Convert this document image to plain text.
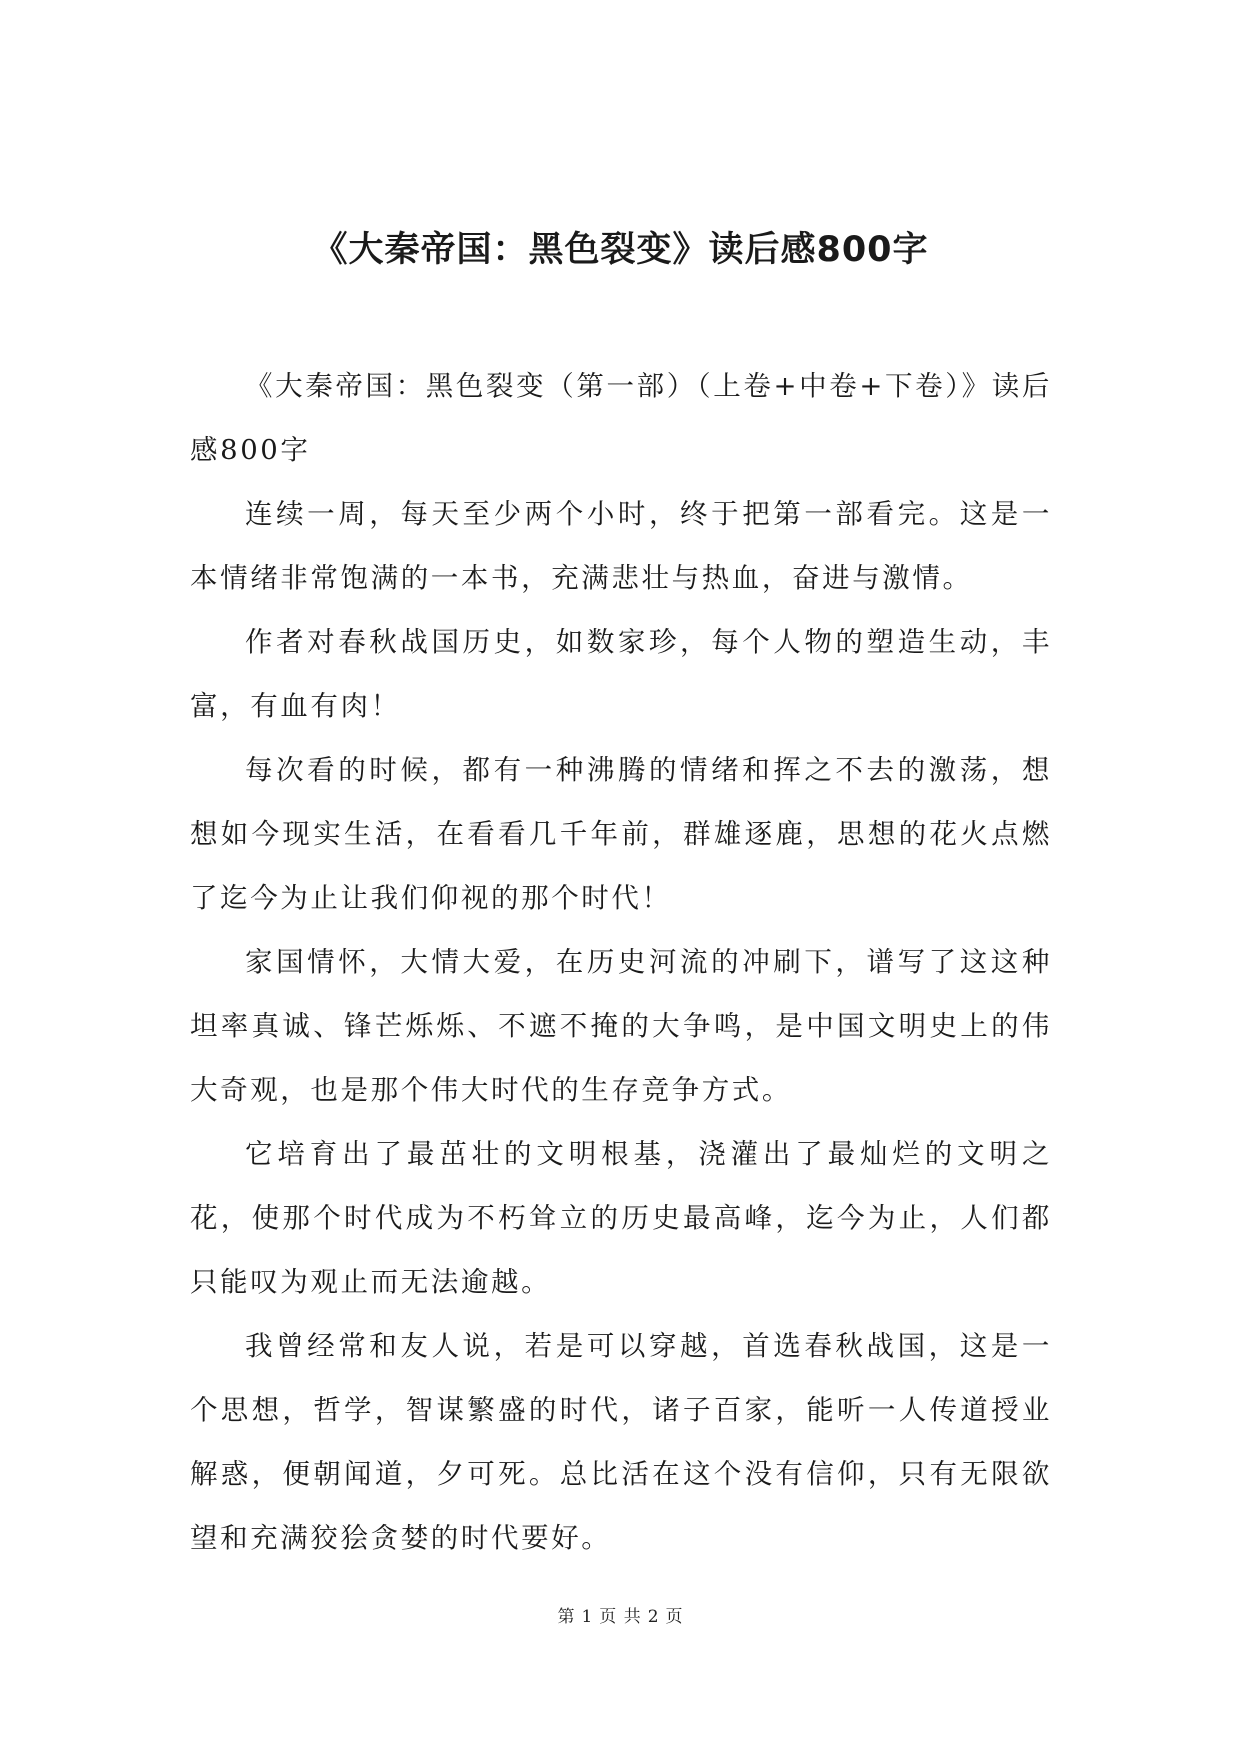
《大秦帝国：黑色裂变》读后感800字

《大秦帝国：黑色裂变（第一部）（上卷+中卷+下卷）》读后感800字

连续一周，每天至少两个小时，终于把第一部看完。这是一本情绪非常饱满的一本书，充满悲壮与热血，奋进与激情。

作者对春秋战国历史，如数家珍，每个人物的塑造生动，丰富，有血有肉！

每次看的时候，都有一种沸腾的情绪和挥之不去的激荡，想想如今现实生活，在看看几千年前，群雄逐鹿，思想的花火点燃了迄今为止让我们仰视的那个时代！

家国情怀，大情大爱，在历史河流的冲刷下，谱写了这这种坦率真诚、锋芒烁烁、不遮不掩的大争鸣，是中国文明史上的伟大奇观，也是那个伟大时代的生存竞争方式。

它培育出了最茁壮的文明根基，浇灌出了最灿烂的文明之花，使那个时代成为不朽耸立的历史最高峰，迄今为止，人们都只能叹为观止而无法逾越。

我曾经常和友人说，若是可以穿越，首选春秋战国，这是一个思想，哲学，智谋繁盛的时代，诸子百家，能听一人传道授业解惑，便朝闻道，夕可死。总比活在这个没有信仰，只有无限欲望和充满狡狯贪婪的时代要好。

第 1 页 共 2 页
